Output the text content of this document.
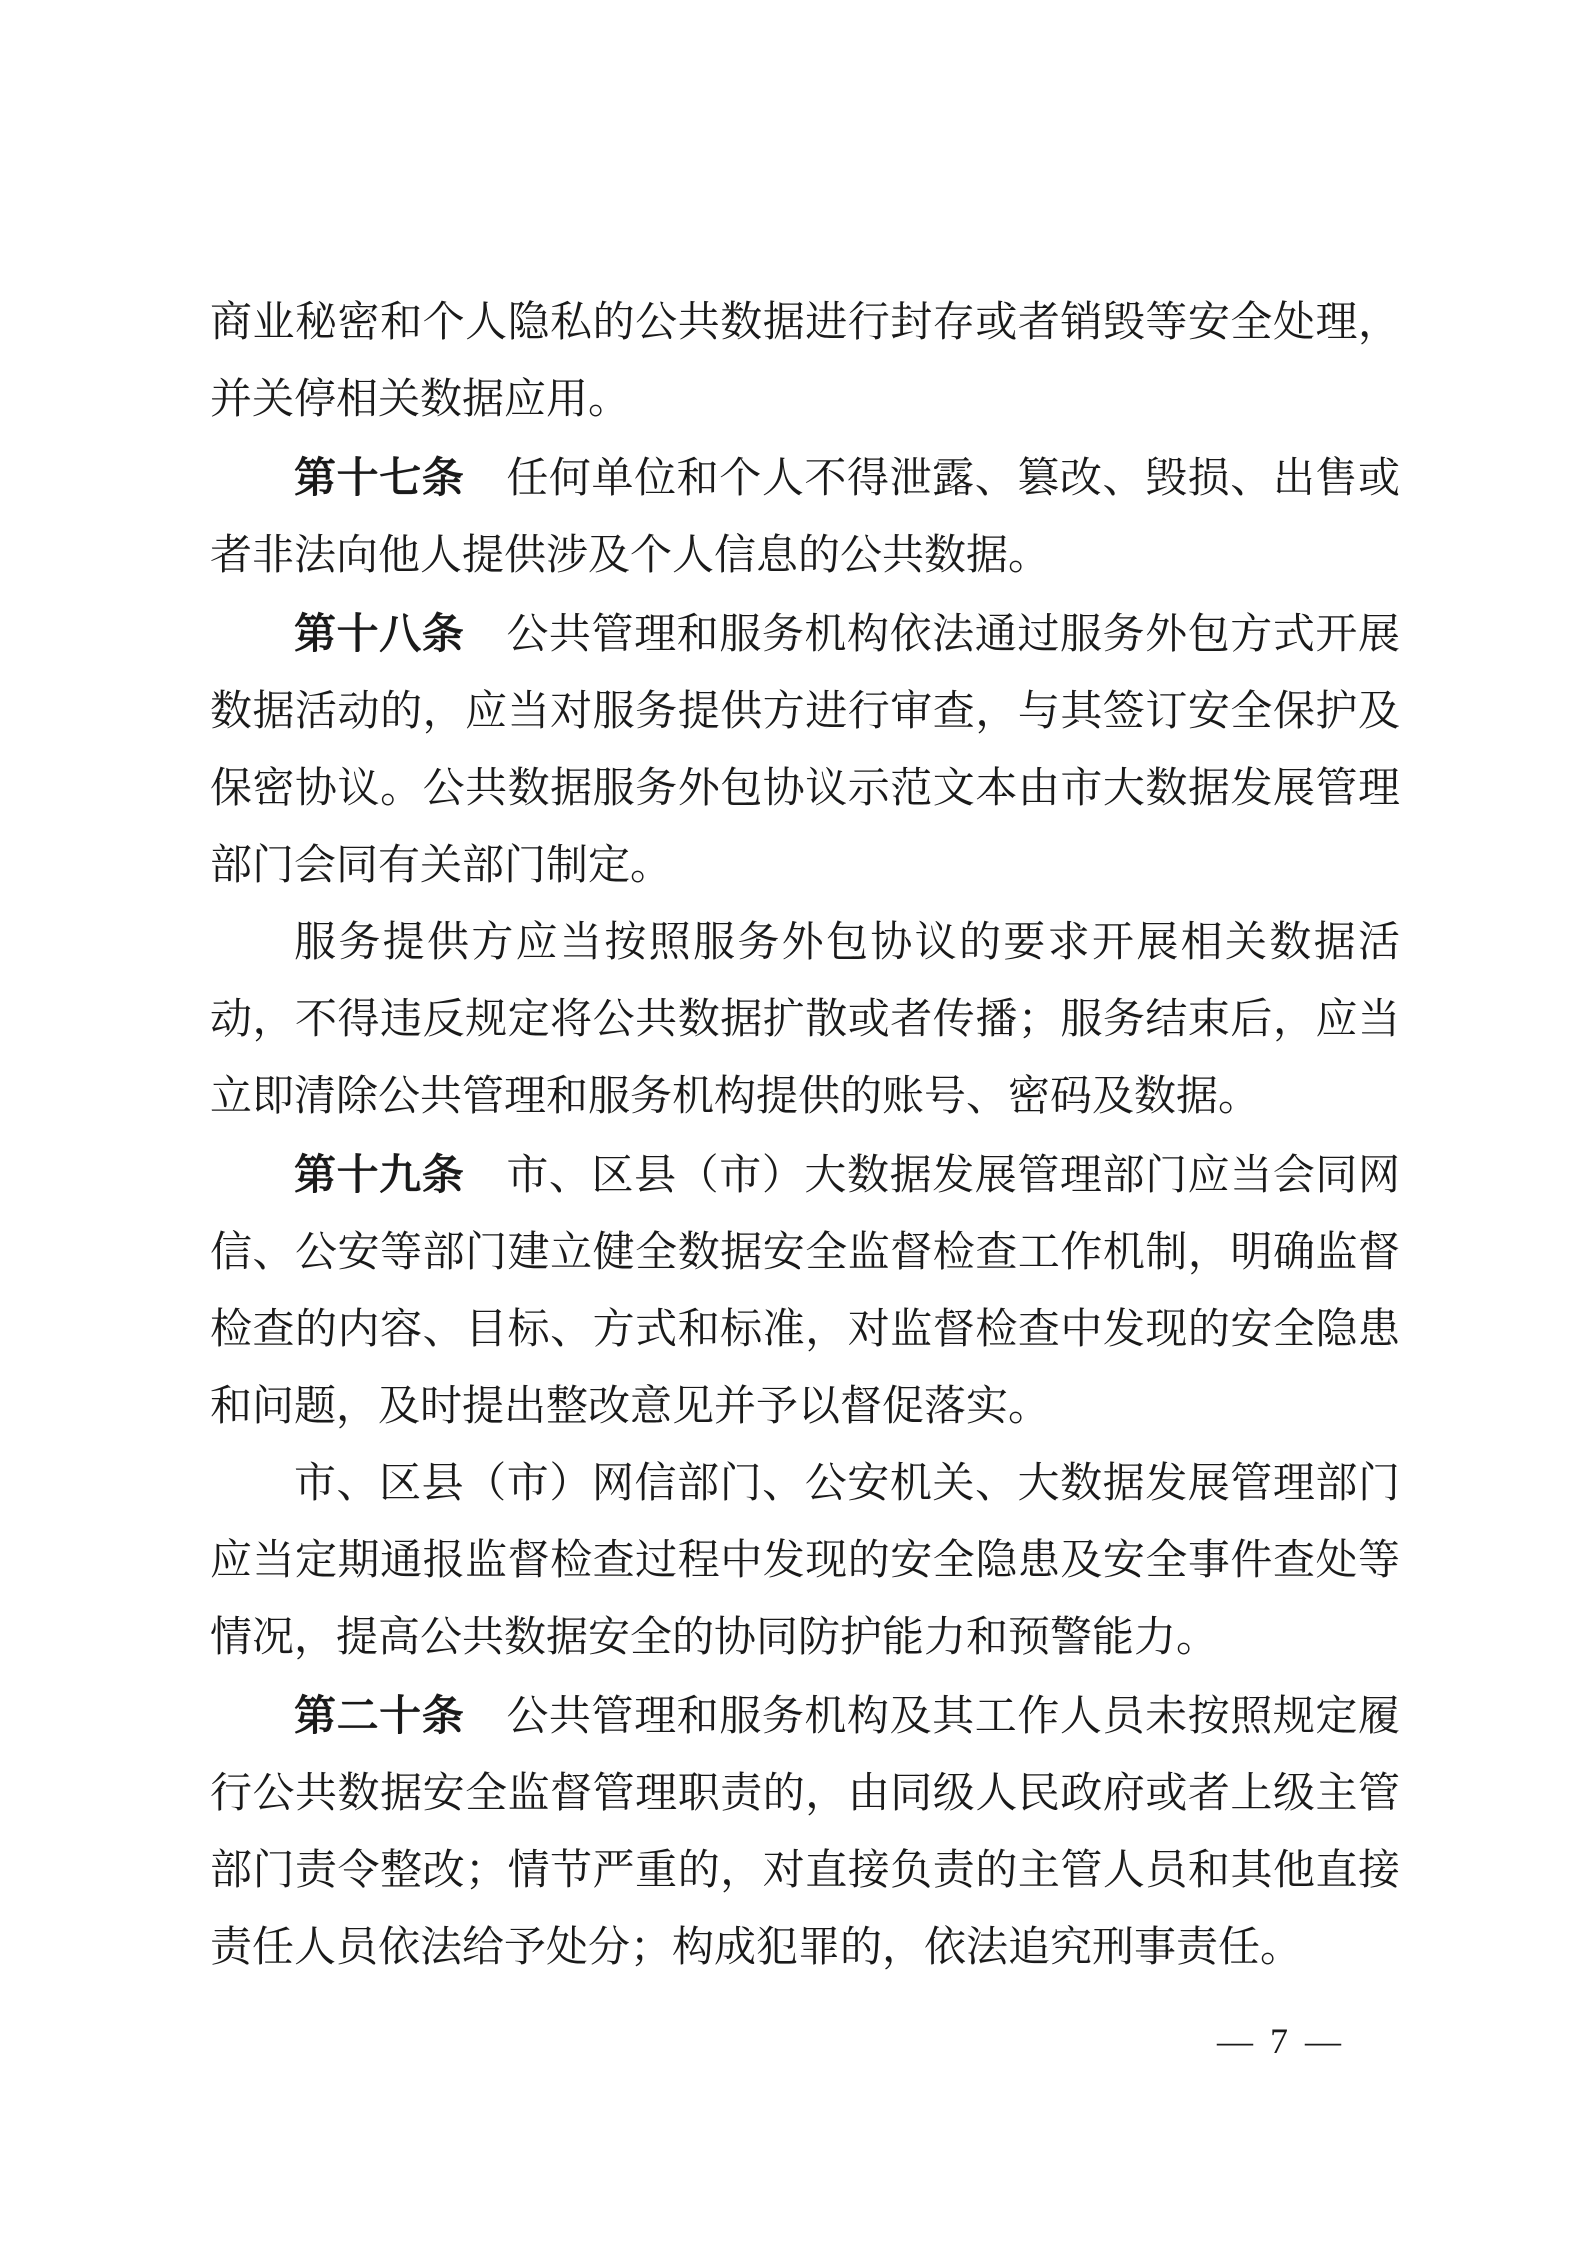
商业秘密和个人隐私的公共数据进行封存或者销毁等安全处理，并关停相关数据应用。

第十七条 任何单位和个人不得泄露、篡改、毁损、出售或者非法向他人提供涉及个人信息的公共数据。

第十八条 公共管理和服务机构依法通过服务外包方式开展数据活动的，应当对服务提供方进行审查，与其签订安全保护及保密协议。公共数据服务外包协议示范文本由市大数据发展管理部门会同有关部门制定。

服务提供方应当按照服务外包协议的要求开展相关数据活动，不得违反规定将公共数据扩散或者传播；服务结束后，应当立即清除公共管理和服务机构提供的账号、密码及数据。

第十九条 市、区县（市）大数据发展管理部门应当会同网信、公安等部门建立健全数据安全监督检查工作机制，明确监督检查的内容、目标、方式和标准，对监督检查中发现的安全隐患和问题，及时提出整改意见并予以督促落实。

市、区县（市）网信部门、公安机关、大数据发展管理部门应当定期通报监督检查过程中发现的安全隐患及安全事件查处等情况，提高公共数据安全的协同防护能力和预警能力。

第二十条 公共管理和服务机构及其工作人员未按照规定履行公共数据安全监督管理职责的，由同级人民政府或者上级主管部门责令整改；情节严重的，对直接负责的主管人员和其他直接责任人员依法给予处分；构成犯罪的，依法追究刑事责任。

— 7 —
